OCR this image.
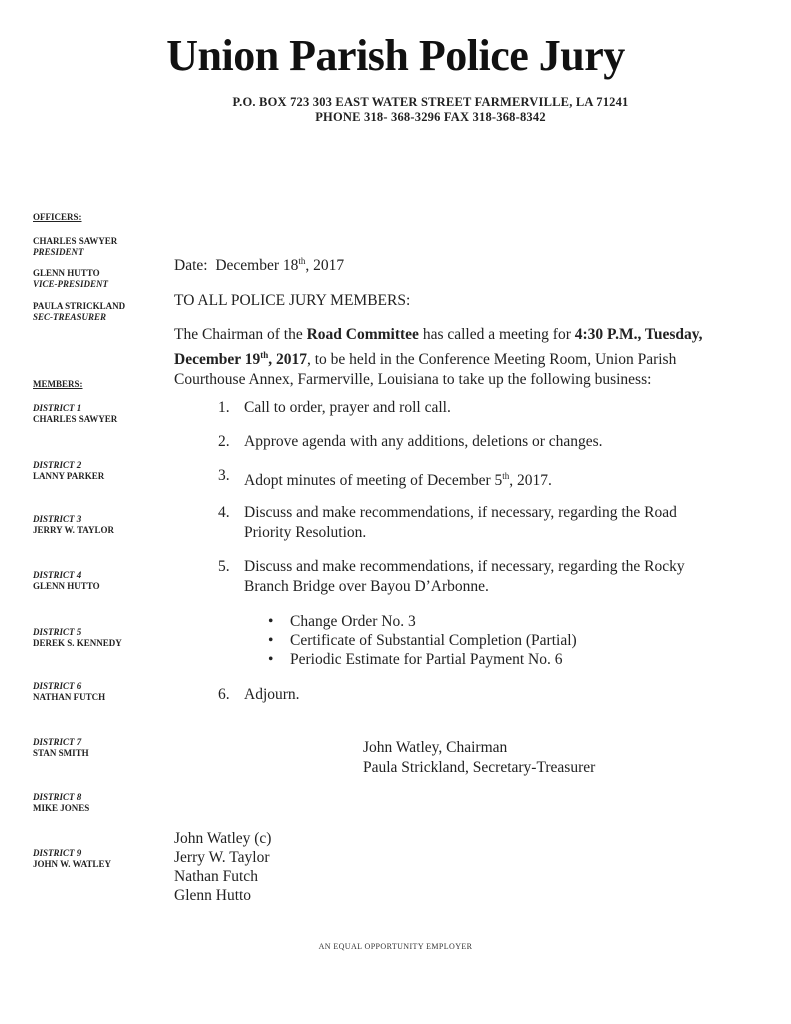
Union Parish Police Jury
P.O. BOX 723 303 EAST WATER STREET FARMERVILLE, LA 71241
PHONE 318- 368-3296 FAX 318-368-8342
OFFICERS:
CHARLES SAWYER
PRESIDENT
GLENN HUTTO
VICE-PRESIDENT
PAULA STRICKLAND
SEC-TREASURER
MEMBERS:
DISTRICT 1
CHARLES SAWYER
DISTRICT 2
LANNY PARKER
DISTRICT 3
JERRY W. TAYLOR
DISTRICT 4
GLENN HUTTO
DISTRICT 5
DEREK S. KENNEDY
DISTRICT 6
NATHAN FUTCH
DISTRICT 7
STAN SMITH
DISTRICT 8
MIKE JONES
DISTRICT 9
JOHN W. WATLEY
Date: December 18th, 2017
TO ALL POLICE JURY MEMBERS:
The Chairman of the Road Committee has called a meeting for 4:30 P.M., Tuesday, December 19th, 2017, to be held in the Conference Meeting Room, Union Parish Courthouse Annex, Farmerville, Louisiana to take up the following business:
1. Call to order, prayer and roll call.
2. Approve agenda with any additions, deletions or changes.
3. Adopt minutes of meeting of December 5th, 2017.
4. Discuss and make recommendations, if necessary, regarding the Road Priority Resolution.
5. Discuss and make recommendations, if necessary, regarding the Rocky Branch Bridge over Bayou D’Arbonne.
• Change Order No. 3
• Certificate of Substantial Completion (Partial)
• Periodic Estimate for Partial Payment No. 6
6. Adjourn.
John Watley, Chairman
Paula Strickland, Secretary-Treasurer
John Watley (c)
Jerry W. Taylor
Nathan Futch
Glenn Hutto
AN EQUAL OPPORTUNITY EMPLOYER
